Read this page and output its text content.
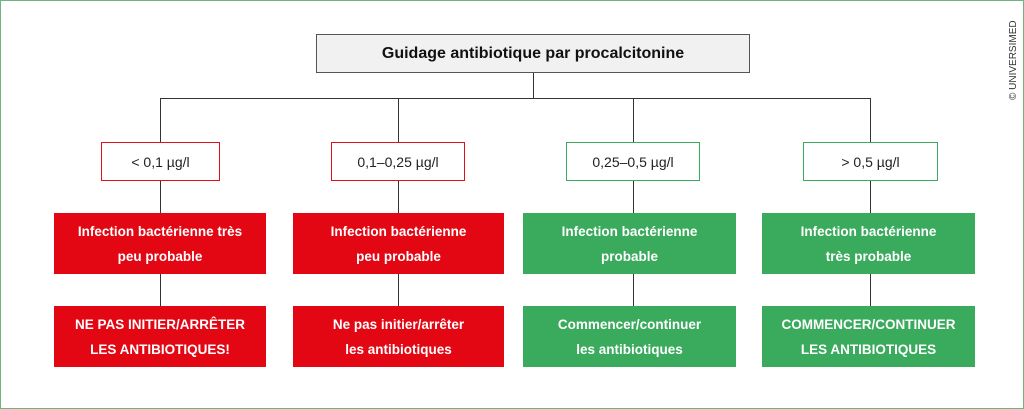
Guidage antibiotique par procalcitonine
< 0,1 µg/l	0,1–0,25 µg/l	0,25–0,5 µg/l	> 0,5 µg/l
Infection bactérienne très
peu probable
Infection bactérienne
peu probable
Infection bactérienne
probable
Infection bactérienne
très probable
NE PAS INITIER/ARRÊTER
LES ANTIBIOTIQUES!
Ne pas initier/arrêter
les antibiotiques
Commencer/continuer
les antibiotiques
COMMENCER/CONTINUER
LES ANTIBIOTIQUES
© UNIVERSIMED
